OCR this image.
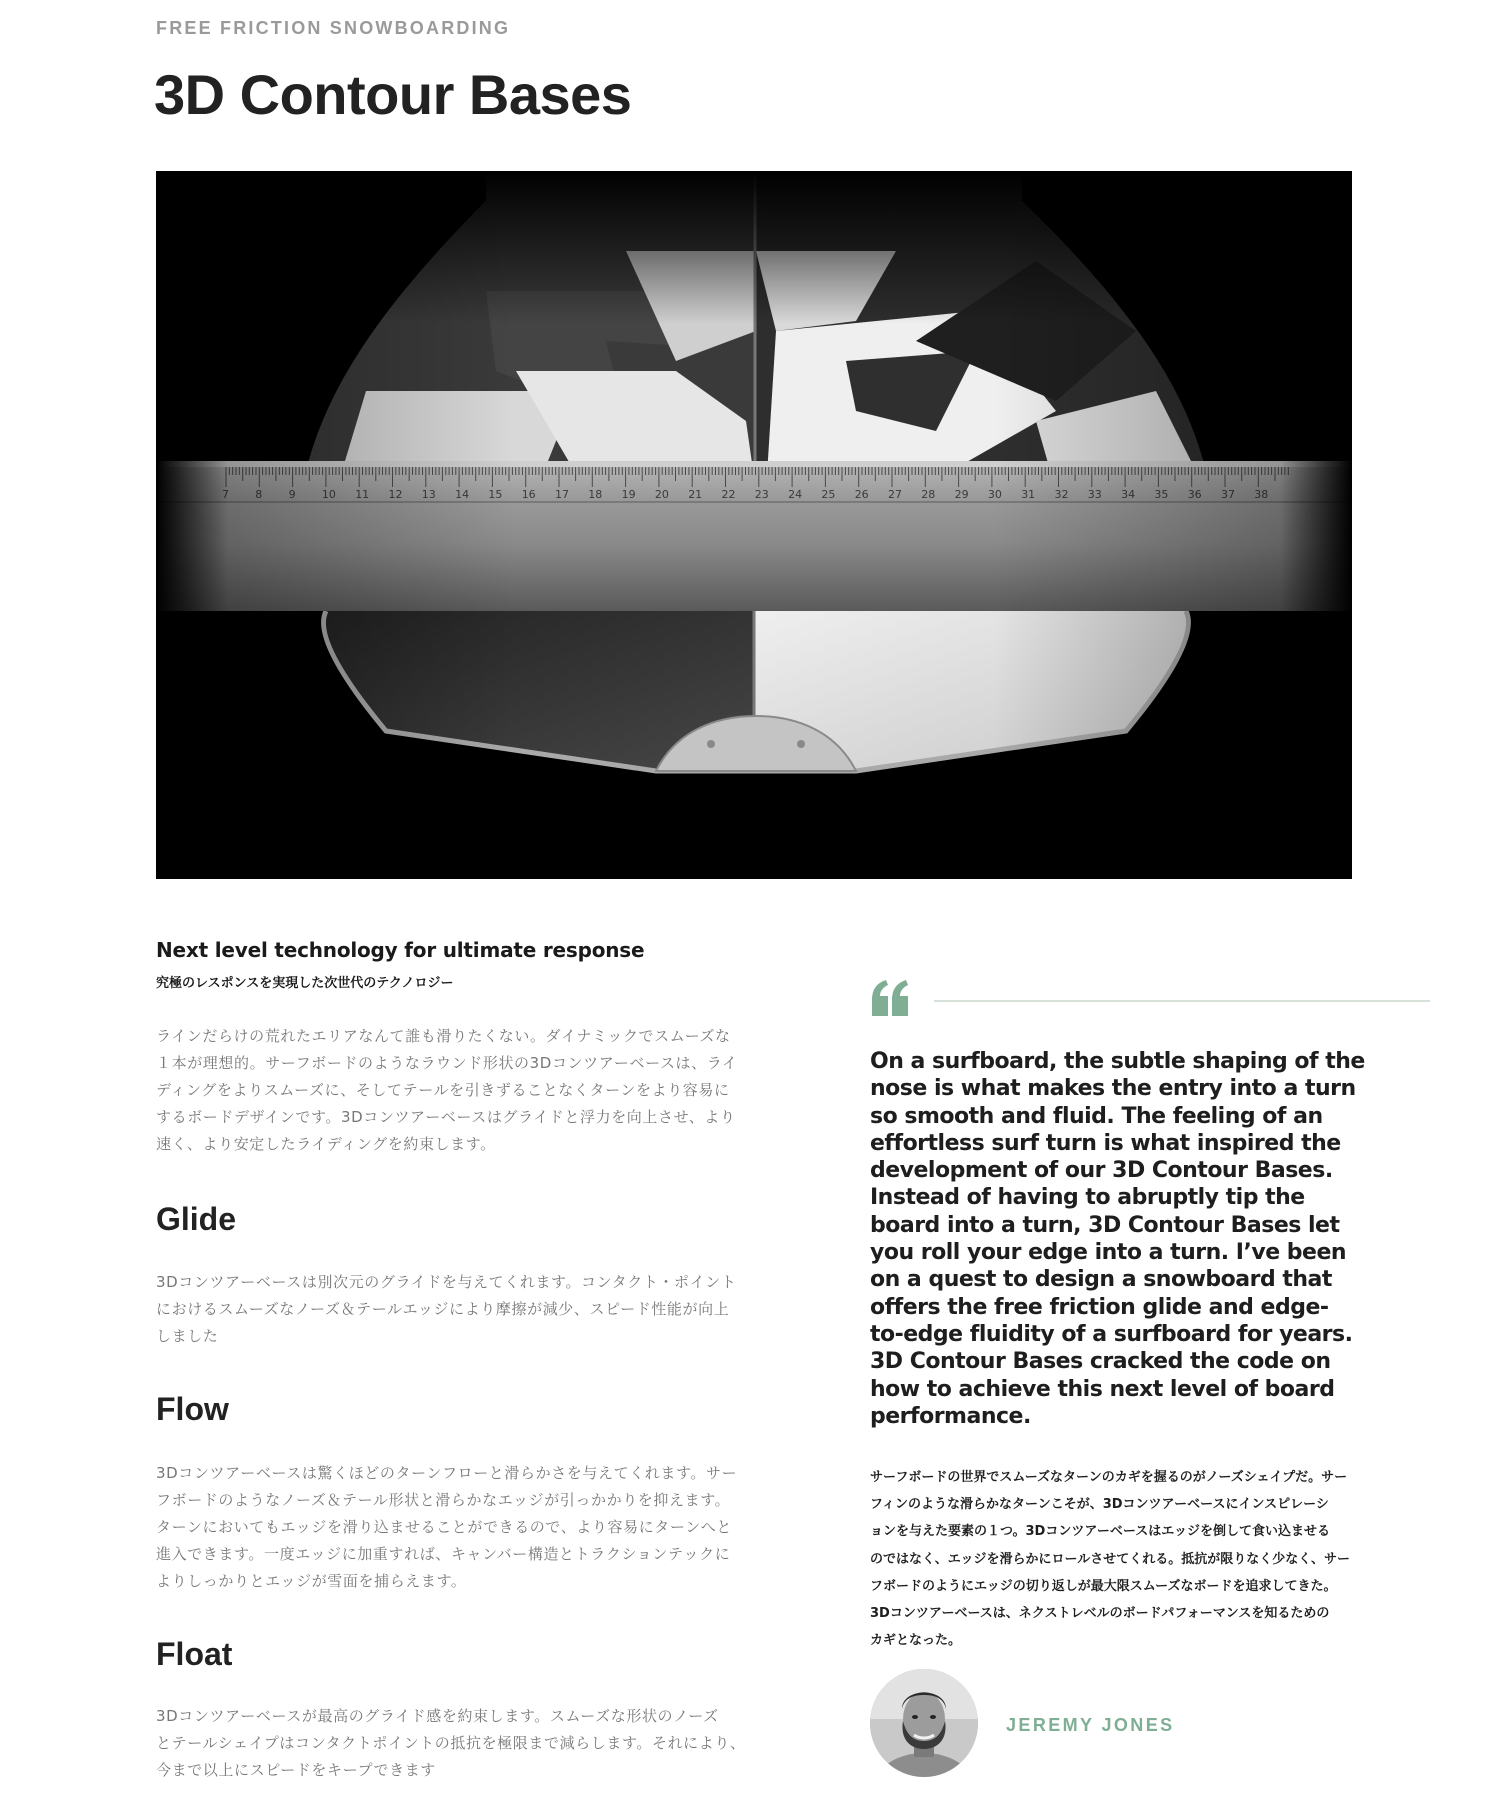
FREE FRICTION SNOWBOARDING
3D Contour Bases
Next level technology for ultimate response
究極のレスポンスを実現した次世代のテクノロジー
ラインだらけの荒れたエリアなんて誰も滑りたくない。ダイナミックでスムーズな
１本が理想的。サーフボードのようなラウンド形状の3Dコンツアーベースは、ライ
ディングをよりスムーズに、そしてテールを引きずることなくターンをより容易に
するボードデザインです。3Dコンツアーベースはグライドと浮力を向上させ、より
速く、より安定したライディングを約束します。
Glide
3Dコンツアーベースは別次元のグライドを与えてくれます。コンタクト・ポイント
におけるスムーズなノーズ＆テールエッジにより摩擦が減少、スピード性能が向上
しました
Flow
3Dコンツアーベースは驚くほどのターンフローと滑らかさを与えてくれます。サー
フボードのようなノーズ＆テール形状と滑らかなエッジが引っかかりを抑えます。
ターンにおいてもエッジを滑り込ませることができるので、より容易にターンへと
進入できます。一度エッジに加重すれば、キャンバー構造とトラクションテックに
よりしっかりとエッジが雪面を捕らえます。
Float
3Dコンツアーベースが最高のグライド感を約束します。スムーズな形状のノーズ
とテールシェイプはコンタクトポイントの抵抗を極限まで減らします。それにより、
今まで以上にスピードをキープできます
On a surfboard, the subtle shaping of the
nose is what makes the entry into a turn
so smooth and fluid. The feeling of an
effortless surf turn is what inspired the
development of our 3D Contour Bases.
Instead of having to abruptly tip the
board into a turn, 3D Contour Bases let
you roll your edge into a turn. I’ve been
on a quest to design a snowboard that
offers the free friction glide and edge-
to-edge fluidity of a surfboard for years.
3D Contour Bases cracked the code on
how to achieve this next level of board
performance.
サーフボードの世界でスムーズなターンのカギを握るのがノーズシェイプだ。サー
フィンのような滑らかなターンこそが、3Dコンツアーベースにインスピレーシ
ョンを与えた要素の１つ。3Dコンツアーベースはエッジを倒して食い込ませる
のではなく、エッジを滑らかにロールさせてくれる。抵抗が限りなく少なく、サー
フボードのようにエッジの切り返しが最大限スムーズなボードを追求してきた。
3Dコンツアーベースは、ネクストレベルのボードパフォーマンスを知るための
カギとなった。
JEREMY JONES
